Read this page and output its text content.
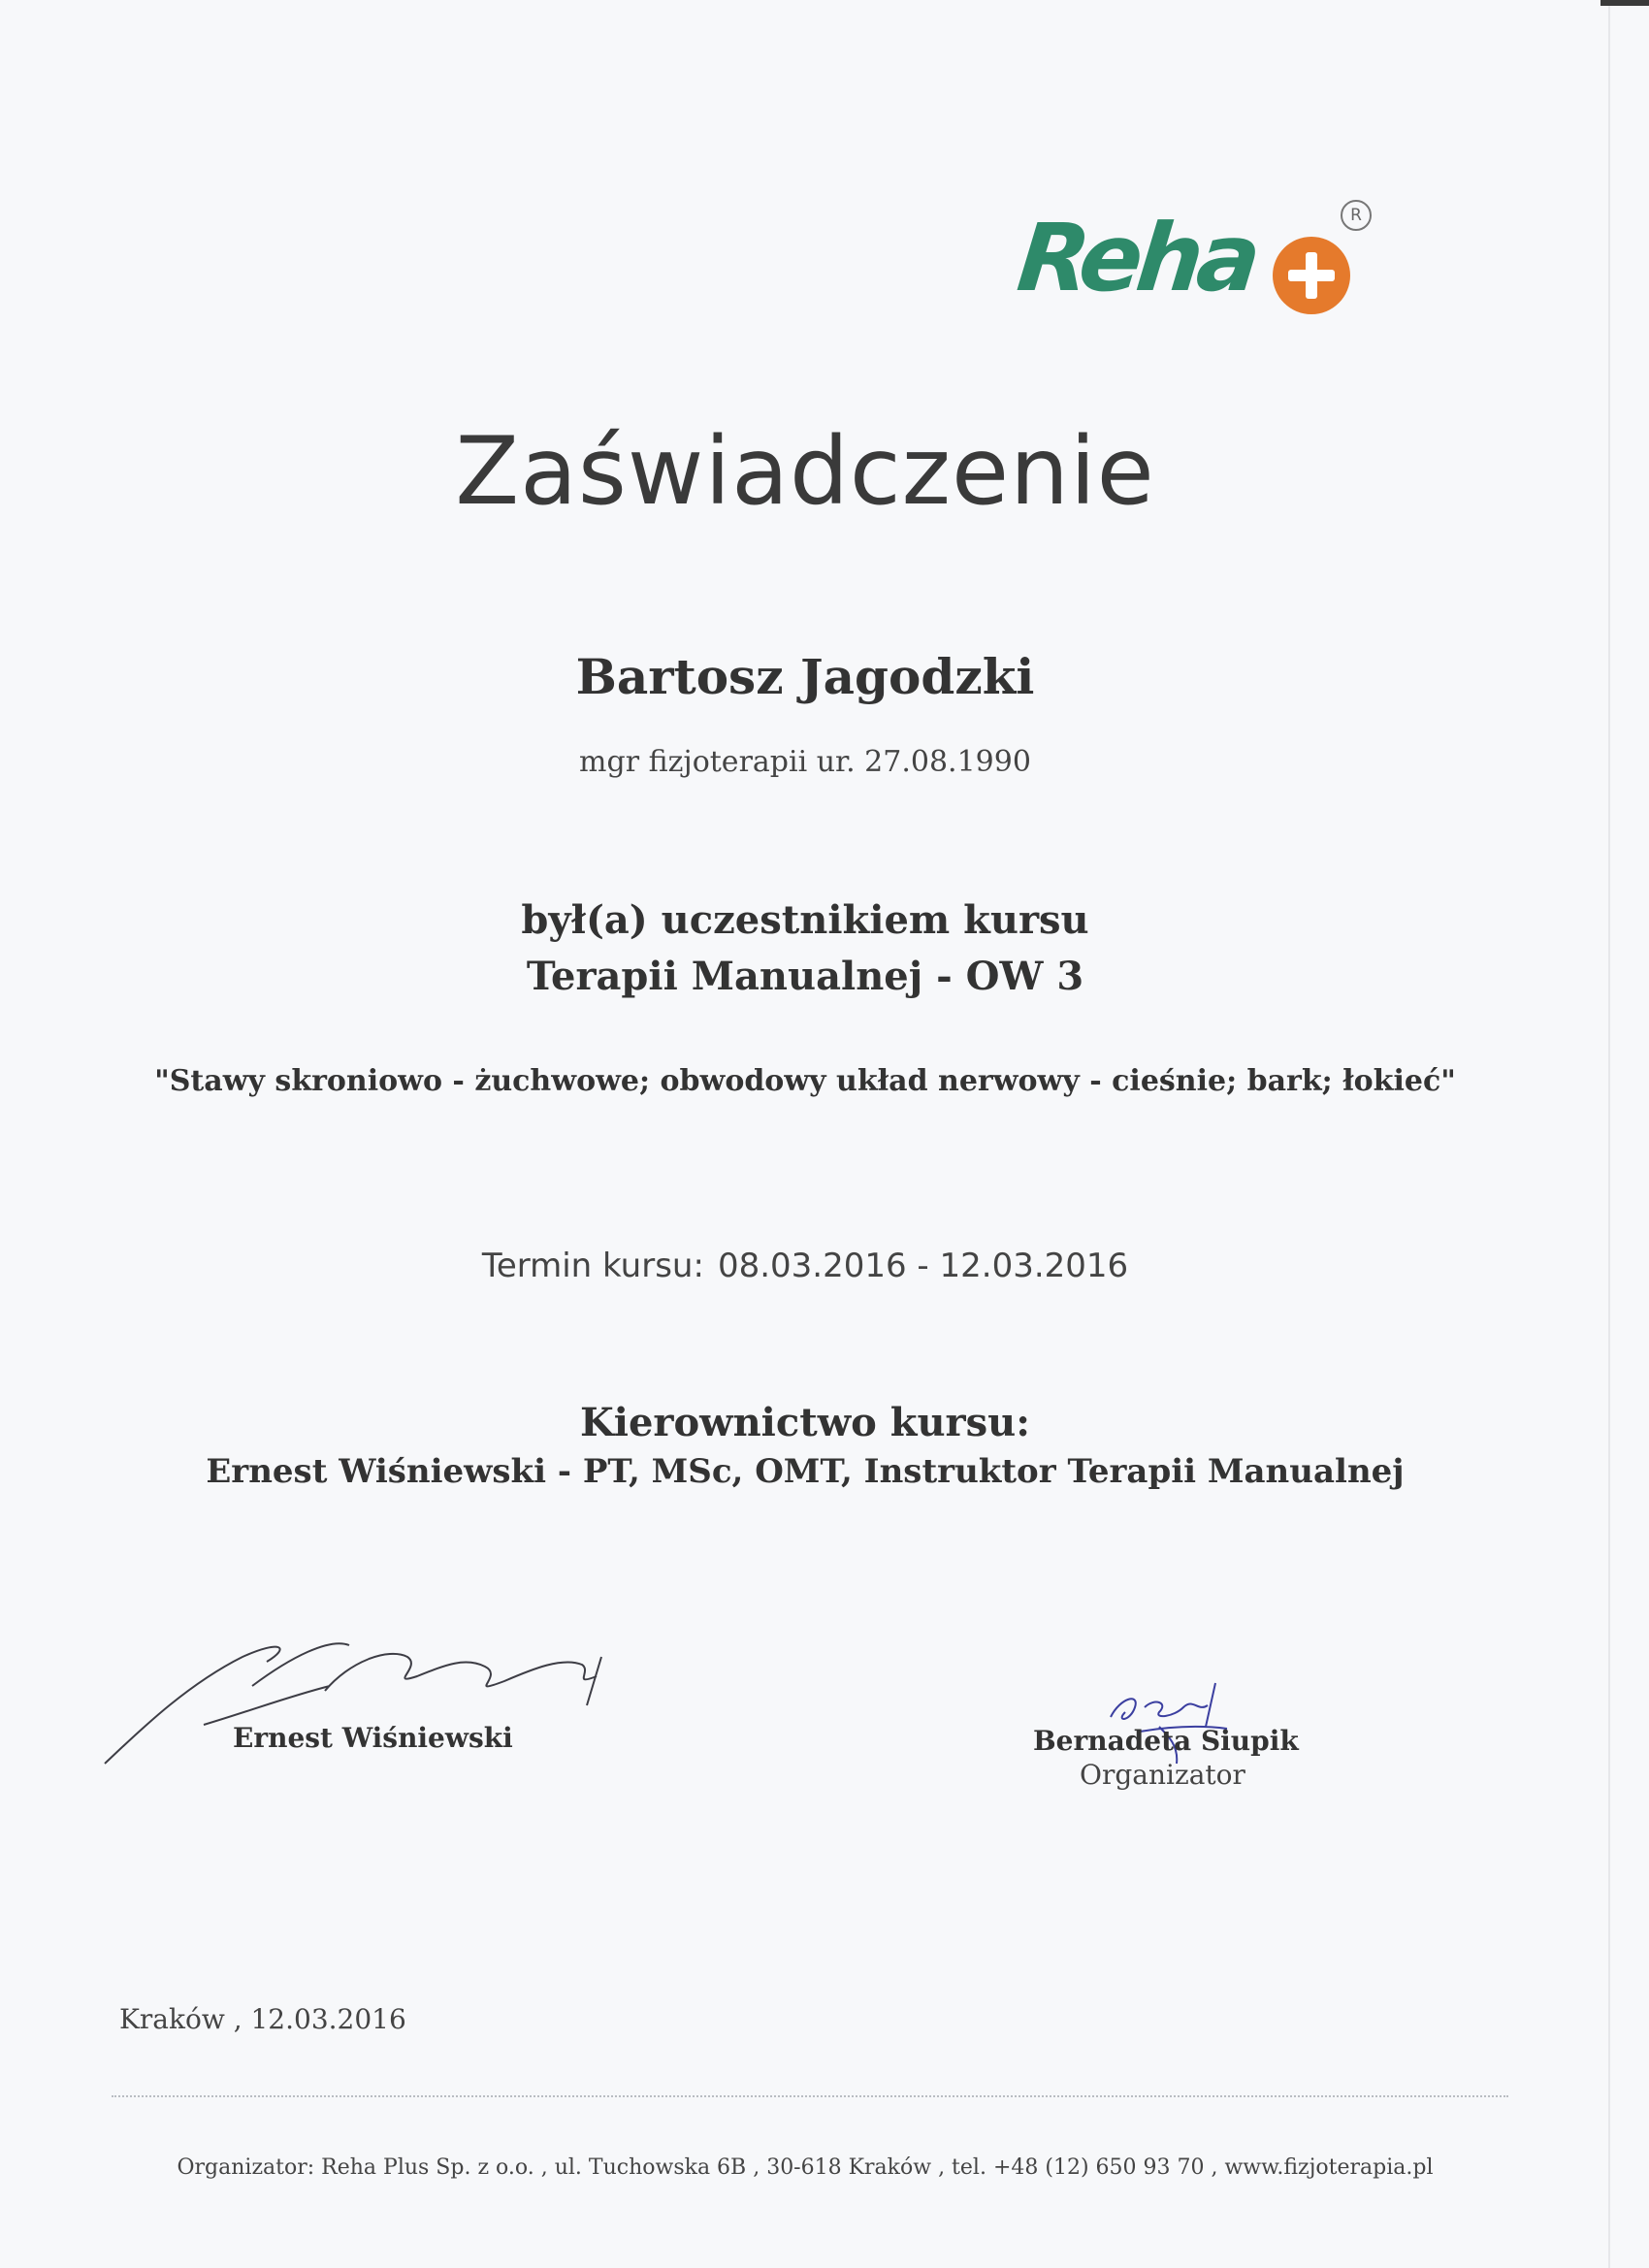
Reha	R
Zaświadczenie
Bartosz Jagodzki
mgr fizjoterapii ur. 27.08.1990
był(a) uczestnikiem kursu
Terapii Manualnej - OW 3
"Stawy skroniowo - żuchwowe; obwodowy układ nerwowy - cieśnie; bark; łokieć"
Termin kursu: 08.03.2016 - 12.03.2016
Kierownictwo kursu:
Ernest Wiśniewski - PT, MSc, OMT, Instruktor Terapii Manualnej
Ernest Wiśniewski	Bernadeta Siupik
Organizator
Kraków , 12.03.2016
Organizator: Reha Plus Sp. z o.o. , ul. Tuchowska 6B , 30-618 Kraków , tel. +48 (12) 650 93 70 , www.fizjoterapia.pl
